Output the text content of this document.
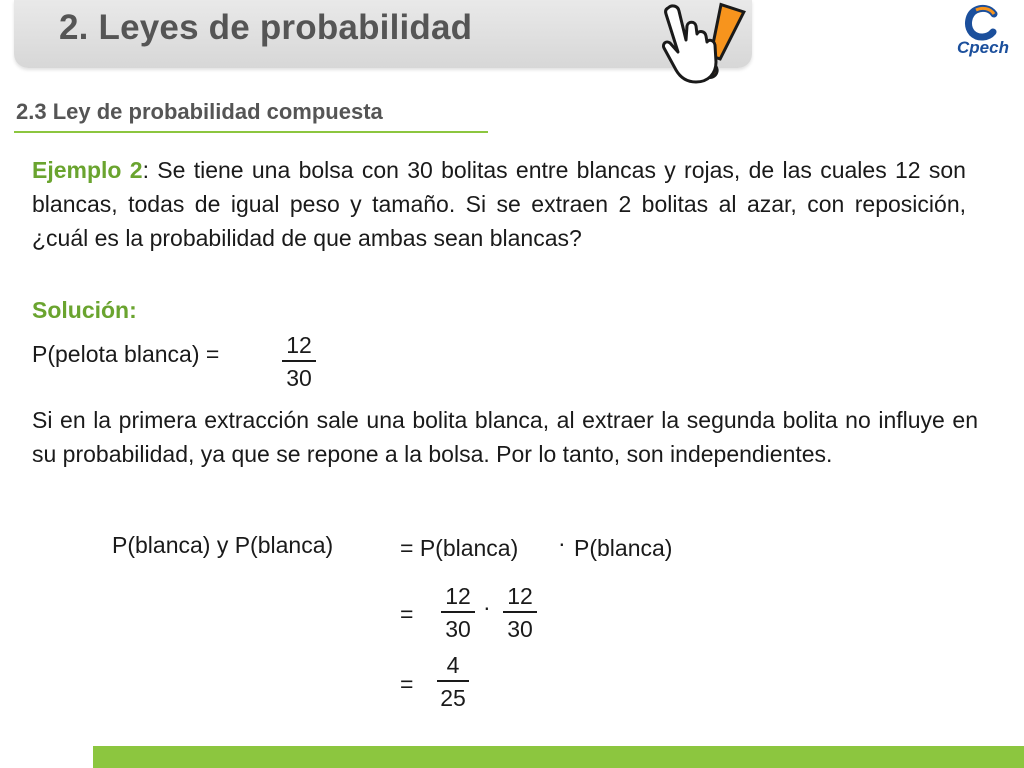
2. Leyes de probabilidad
Cpech
2.3 Ley de probabilidad compuesta
Ejemplo 2: Se tiene una bolsa con 30 bolitas entre blancas y rojas, de las cuales 12 son blancas, todas de igual peso y tamaño. Si se extraen 2 bolitas al azar, con reposición, ¿cuál es la probabilidad de que ambas sean blancas?
Solución:
P(pelota blanca) =	12
30
Si en la primera extracción sale una bolita blanca, al extraer la segunda bolita no influye en su probabilidad, ya que se repone a la bolsa. Por lo tanto, son independientes.
P(blanca) y P(blanca)	= P(blanca) · P(blanca)
=
12
30
· 12
30
=
4
25
